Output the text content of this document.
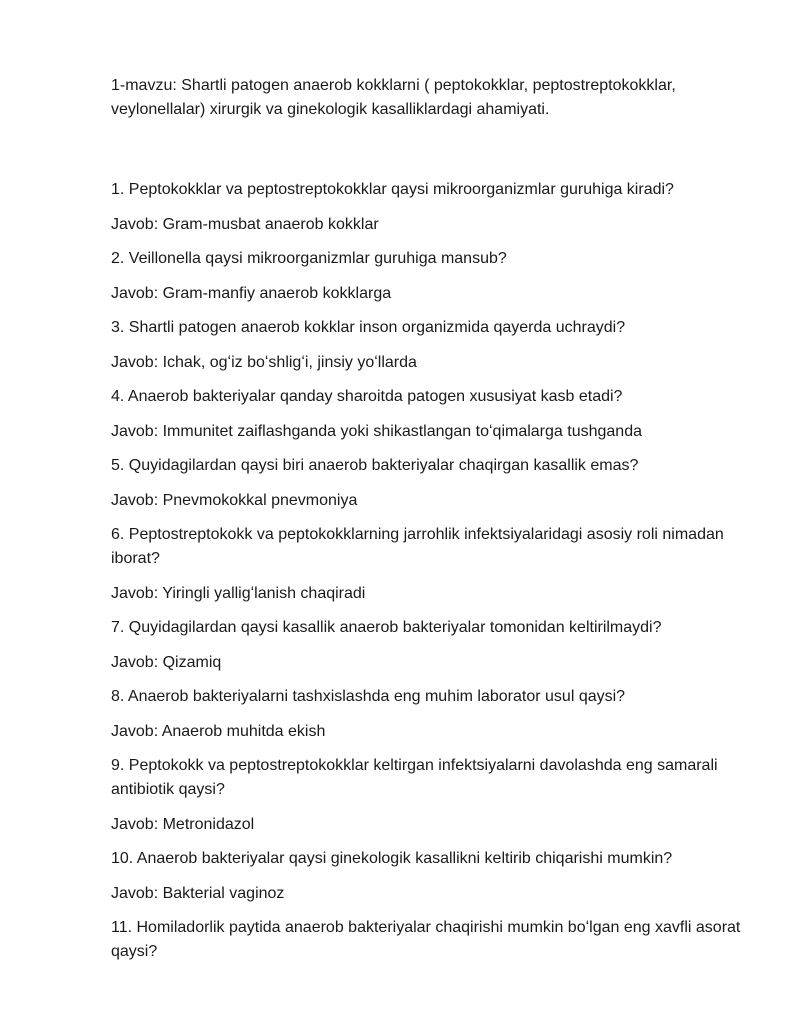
1-mavzu: Shartli patogen anaerob kokklarni ( peptokokklar, peptostreptokokklar, veylonellalar) xirurgik va ginekologik kasalliklardagi ahamiyati.

1. Peptokokklar va peptostreptokokklar qaysi mikroorganizmlar guruhiga kiradi?

Javob: Gram-musbat anaerob kokklar

2. Veillonella qaysi mikroorganizmlar guruhiga mansub?

Javob: Gram-manfiy anaerob kokklarga

3. Shartli patogen anaerob kokklar inson organizmida qayerda uchraydi?

Javob: Ichak, ogʻiz boʻshligʻi, jinsiy yoʻllarda

4. Anaerob bakteriyalar qanday sharoitda patogen xususiyat kasb etadi?

Javob: Immunitet zaiflashganda yoki shikastlangan toʻqimalarga tushganda

5. Quyidagilardan qaysi biri anaerob bakteriyalar chaqirgan kasallik emas?

Javob: Pnevmokokkal pnevmoniya

6. Peptostreptokokk va peptokokklarning jarrohlik infektsiyalaridagi asosiy roli nimadan iborat?

Javob: Yiringli yalligʻlanish chaqiradi

7. Quyidagilardan qaysi kasallik anaerob bakteriyalar tomonidan keltirilmaydi?

Javob: Qizamiq

8. Anaerob bakteriyalarni tashxislashda eng muhim laborator usul qaysi?

Javob: Anaerob muhitda ekish

9. Peptokokk va peptostreptokokklar keltirgan infektsiyalarni davolashda eng samarali antibiotik qaysi?

Javob: Metronidazol

10. Anaerob bakteriyalar qaysi ginekologik kasallikni keltirib chiqarishi mumkin?

Javob: Bakterial vaginoz

11. Homiladorlik paytida anaerob bakteriyalar chaqirishi mumkin boʻlgan eng xavfli asorat qaysi?
